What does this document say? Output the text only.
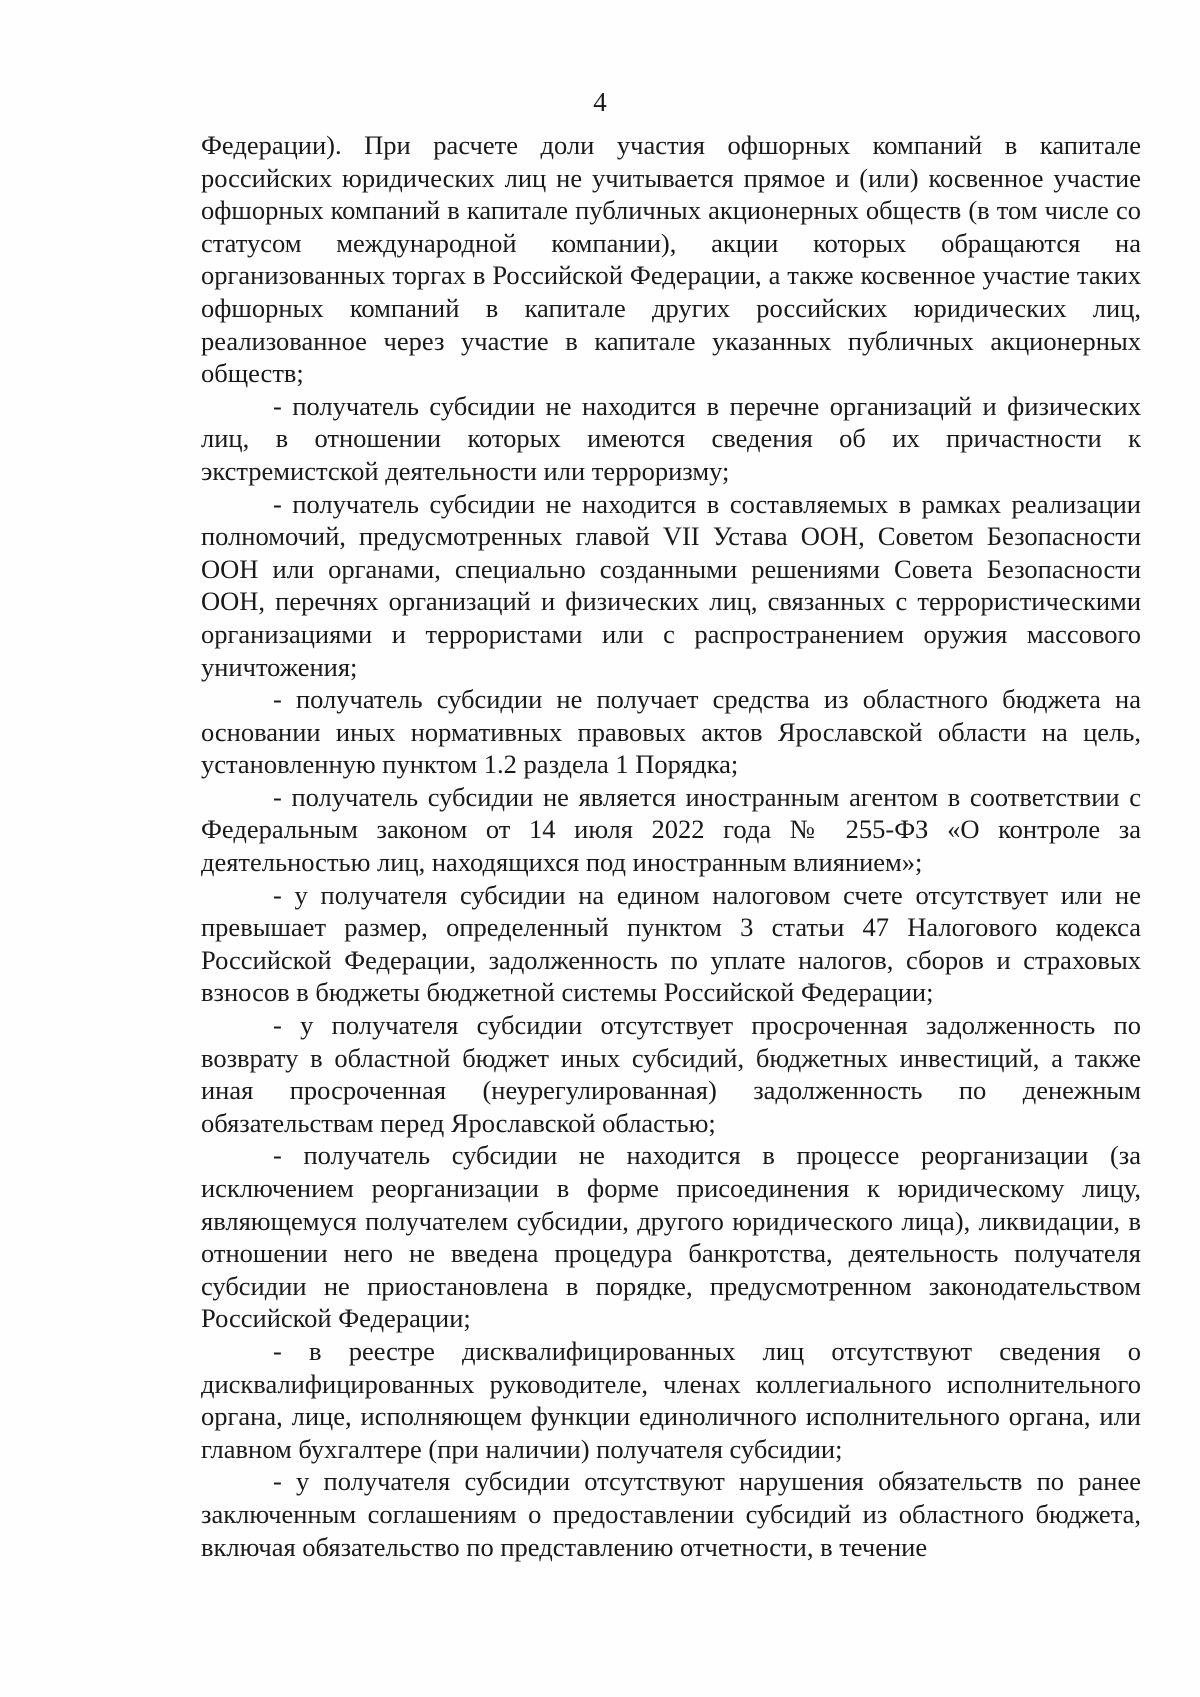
4

Федерации). При расчете доли участия офшорных компаний в капитале российских юридических лиц не учитывается прямое и (или) косвенное участие офшорных компаний в капитале публичных акционерных обществ (в том числе со статусом международной компании), акции которых обращаются на организованных торгах в Российской Федерации, а также косвенное участие таких офшорных компаний в капитале других российских юридических лиц, реализованное через участие в капитале указанных публичных акционерных обществ;

- получатель субсидии не находится в перечне организаций и физических лиц, в отношении которых имеются сведения об их причастности к экстремистской деятельности или терроризму;

- получатель субсидии не находится в составляемых в рамках реализации полномочий, предусмотренных главой VII Устава ООН, Советом Безопасности ООН или органами, специально созданными решениями Совета Безопасности ООН, перечнях организаций и физических лиц, связанных с террористическими организациями и террористами или с распространением оружия массового уничтожения;

- получатель субсидии не получает средства из областного бюджета на основании иных нормативных правовых актов Ярославской области на цель, установленную пунктом 1.2 раздела 1 Порядка;

- получатель субсидии не является иностранным агентом в соответствии с Федеральным законом от 14 июля 2022 года № 255-ФЗ «О контроле за деятельностью лиц, находящихся под иностранным влиянием»;

- у получателя субсидии на едином налоговом счете отсутствует или не превышает размер, определенный пунктом 3 статьи 47 Налогового кодекса Российской Федерации, задолженность по уплате налогов, сборов и страховых взносов в бюджеты бюджетной системы Российской Федерации;

- у получателя субсидии отсутствует просроченная задолженность по возврату в областной бюджет иных субсидий, бюджетных инвестиций, а также иная просроченная (неурегулированная) задолженность по денежным обязательствам перед Ярославской областью;

- получатель субсидии не находится в процессе реорганизации (за исключением реорганизации в форме присоединения к юридическому лицу, являющемуся получателем субсидии, другого юридического лица), ликвидации, в отношении него не введена процедура банкротства, деятельность получателя субсидии не приостановлена в порядке, предусмотренном законодательством Российской Федерации;

- в реестре дисквалифицированных лиц отсутствуют сведения о дисквалифицированных руководителе, членах коллегиального исполнительного органа, лице, исполняющем функции единоличного исполнительного органа, или главном бухгалтере (при наличии) получателя субсидии;

- у получателя субсидии отсутствуют нарушения обязательств по ранее заключенным соглашениям о предоставлении субсидий из областного бюджета, включая обязательство по представлению отчетности, в течение
